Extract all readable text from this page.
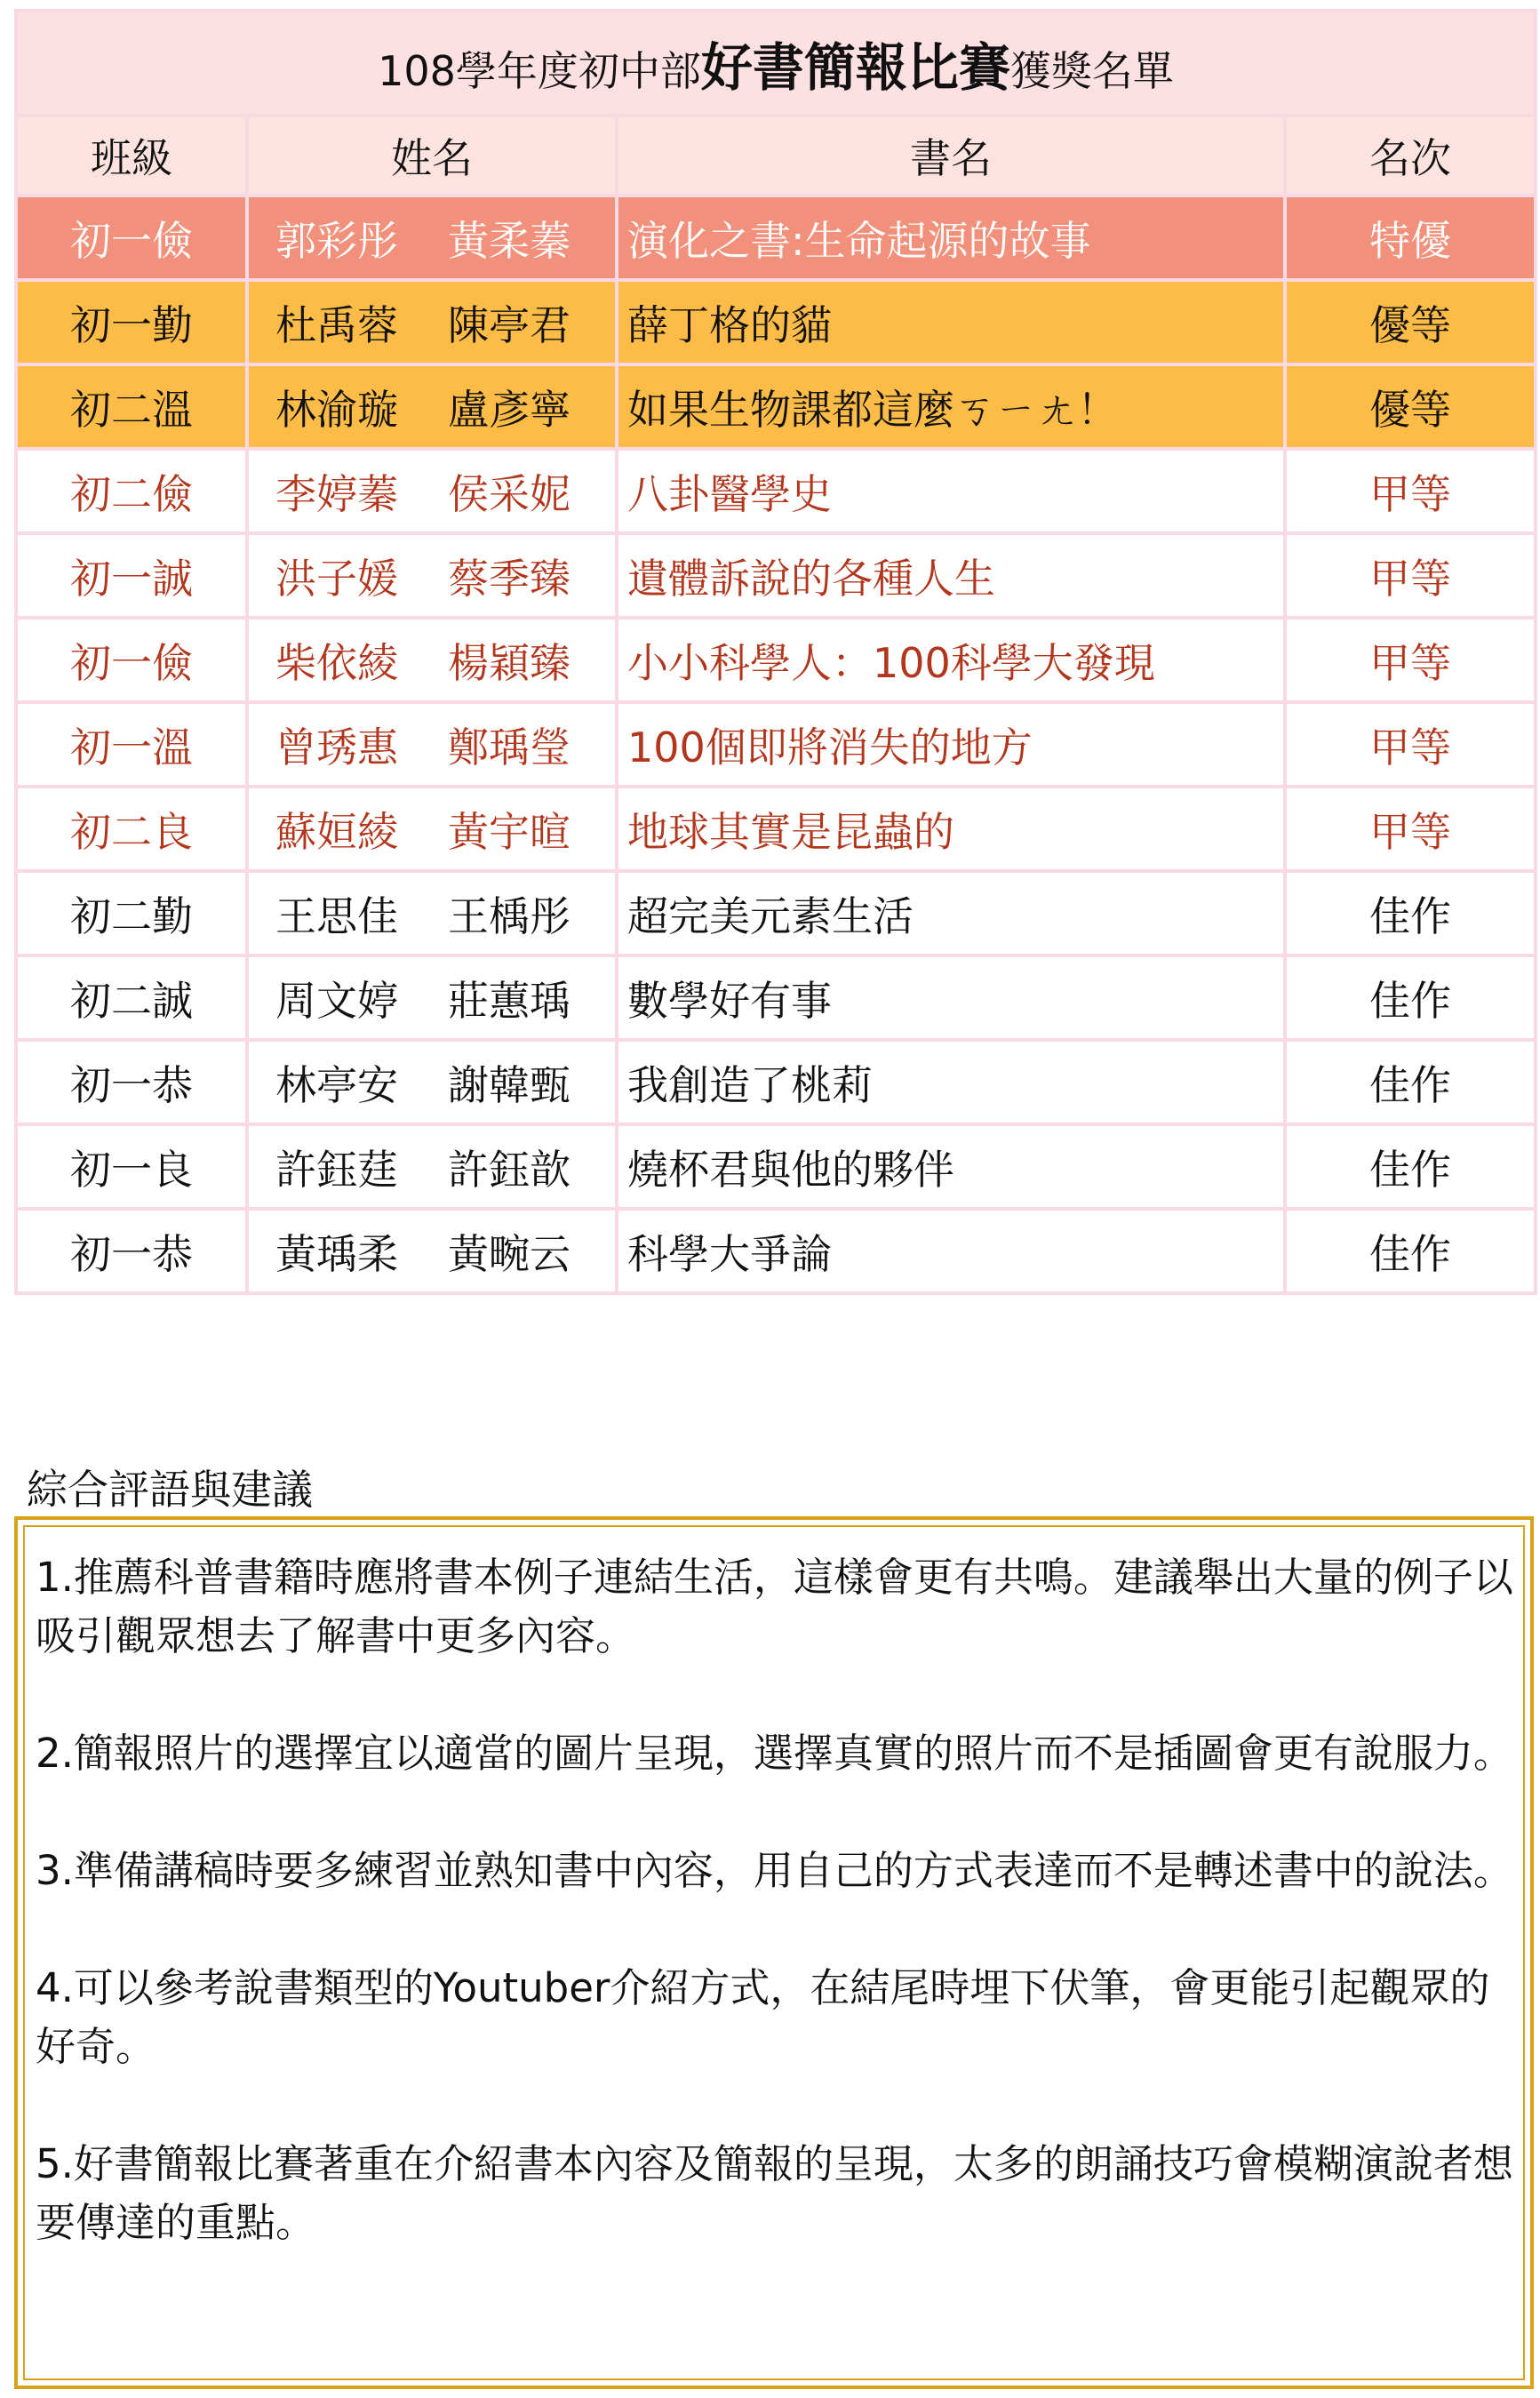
108學年度初中部好書簡報比賽獲獎名單			
班級	姓名	書名	名次
初一儉	郭彩彤 黃柔蓁	演化之書:生命起源的故事	特優
初一勤	杜禹蓉 陳亭君	薛丁格的貓	優等
初二溫	林渝璇 盧彥寧	如果生物課都這麼ㄎㄧㄤ！	優等
初二儉	李婷蓁 侯采妮	八卦醫學史	甲等
初一誠	洪子媛 蔡季臻	遺體訴說的各種人生	甲等
初一儉	柴依綾 楊穎臻	小小科學人：100科學大發現	甲等
初一溫	曾琇惠 鄭瑀瑩	100個即將消失的地方	甲等
初二良	蘇姮綾 黃宇暄	地球其實是昆蟲的	甲等
初二勤	王思佳 王楀彤	超完美元素生活	佳作
初二誠	周文婷 莊蕙瑀	數學好有事	佳作
初一恭	林亭安 謝韓甄	我創造了桃莉	佳作
初一良	許鈺莛 許鈺歆	燒杯君與他的夥伴	佳作
初一恭	黃瑀柔 黃畹云	科學大爭論	佳作
綜合評語與建議
1.推薦科普書籍時應將書本例子連結生活，這樣會更有共鳴。建議舉出大量的例子以吸引觀眾想去了解書中更多內容。
2.簡報照片的選擇宜以適當的圖片呈現，選擇真實的照片而不是插圖會更有說服力。
3.準備講稿時要多練習並熟知書中內容，用自己的方式表達而不是轉述書中的說法。
4.可以參考說書類型的Youtuber介紹方式，在結尾時埋下伏筆，會更能引起觀眾的好奇。
5.好書簡報比賽著重在介紹書本內容及簡報的呈現，太多的朗誦技巧會模糊演說者想要傳達的重點。
